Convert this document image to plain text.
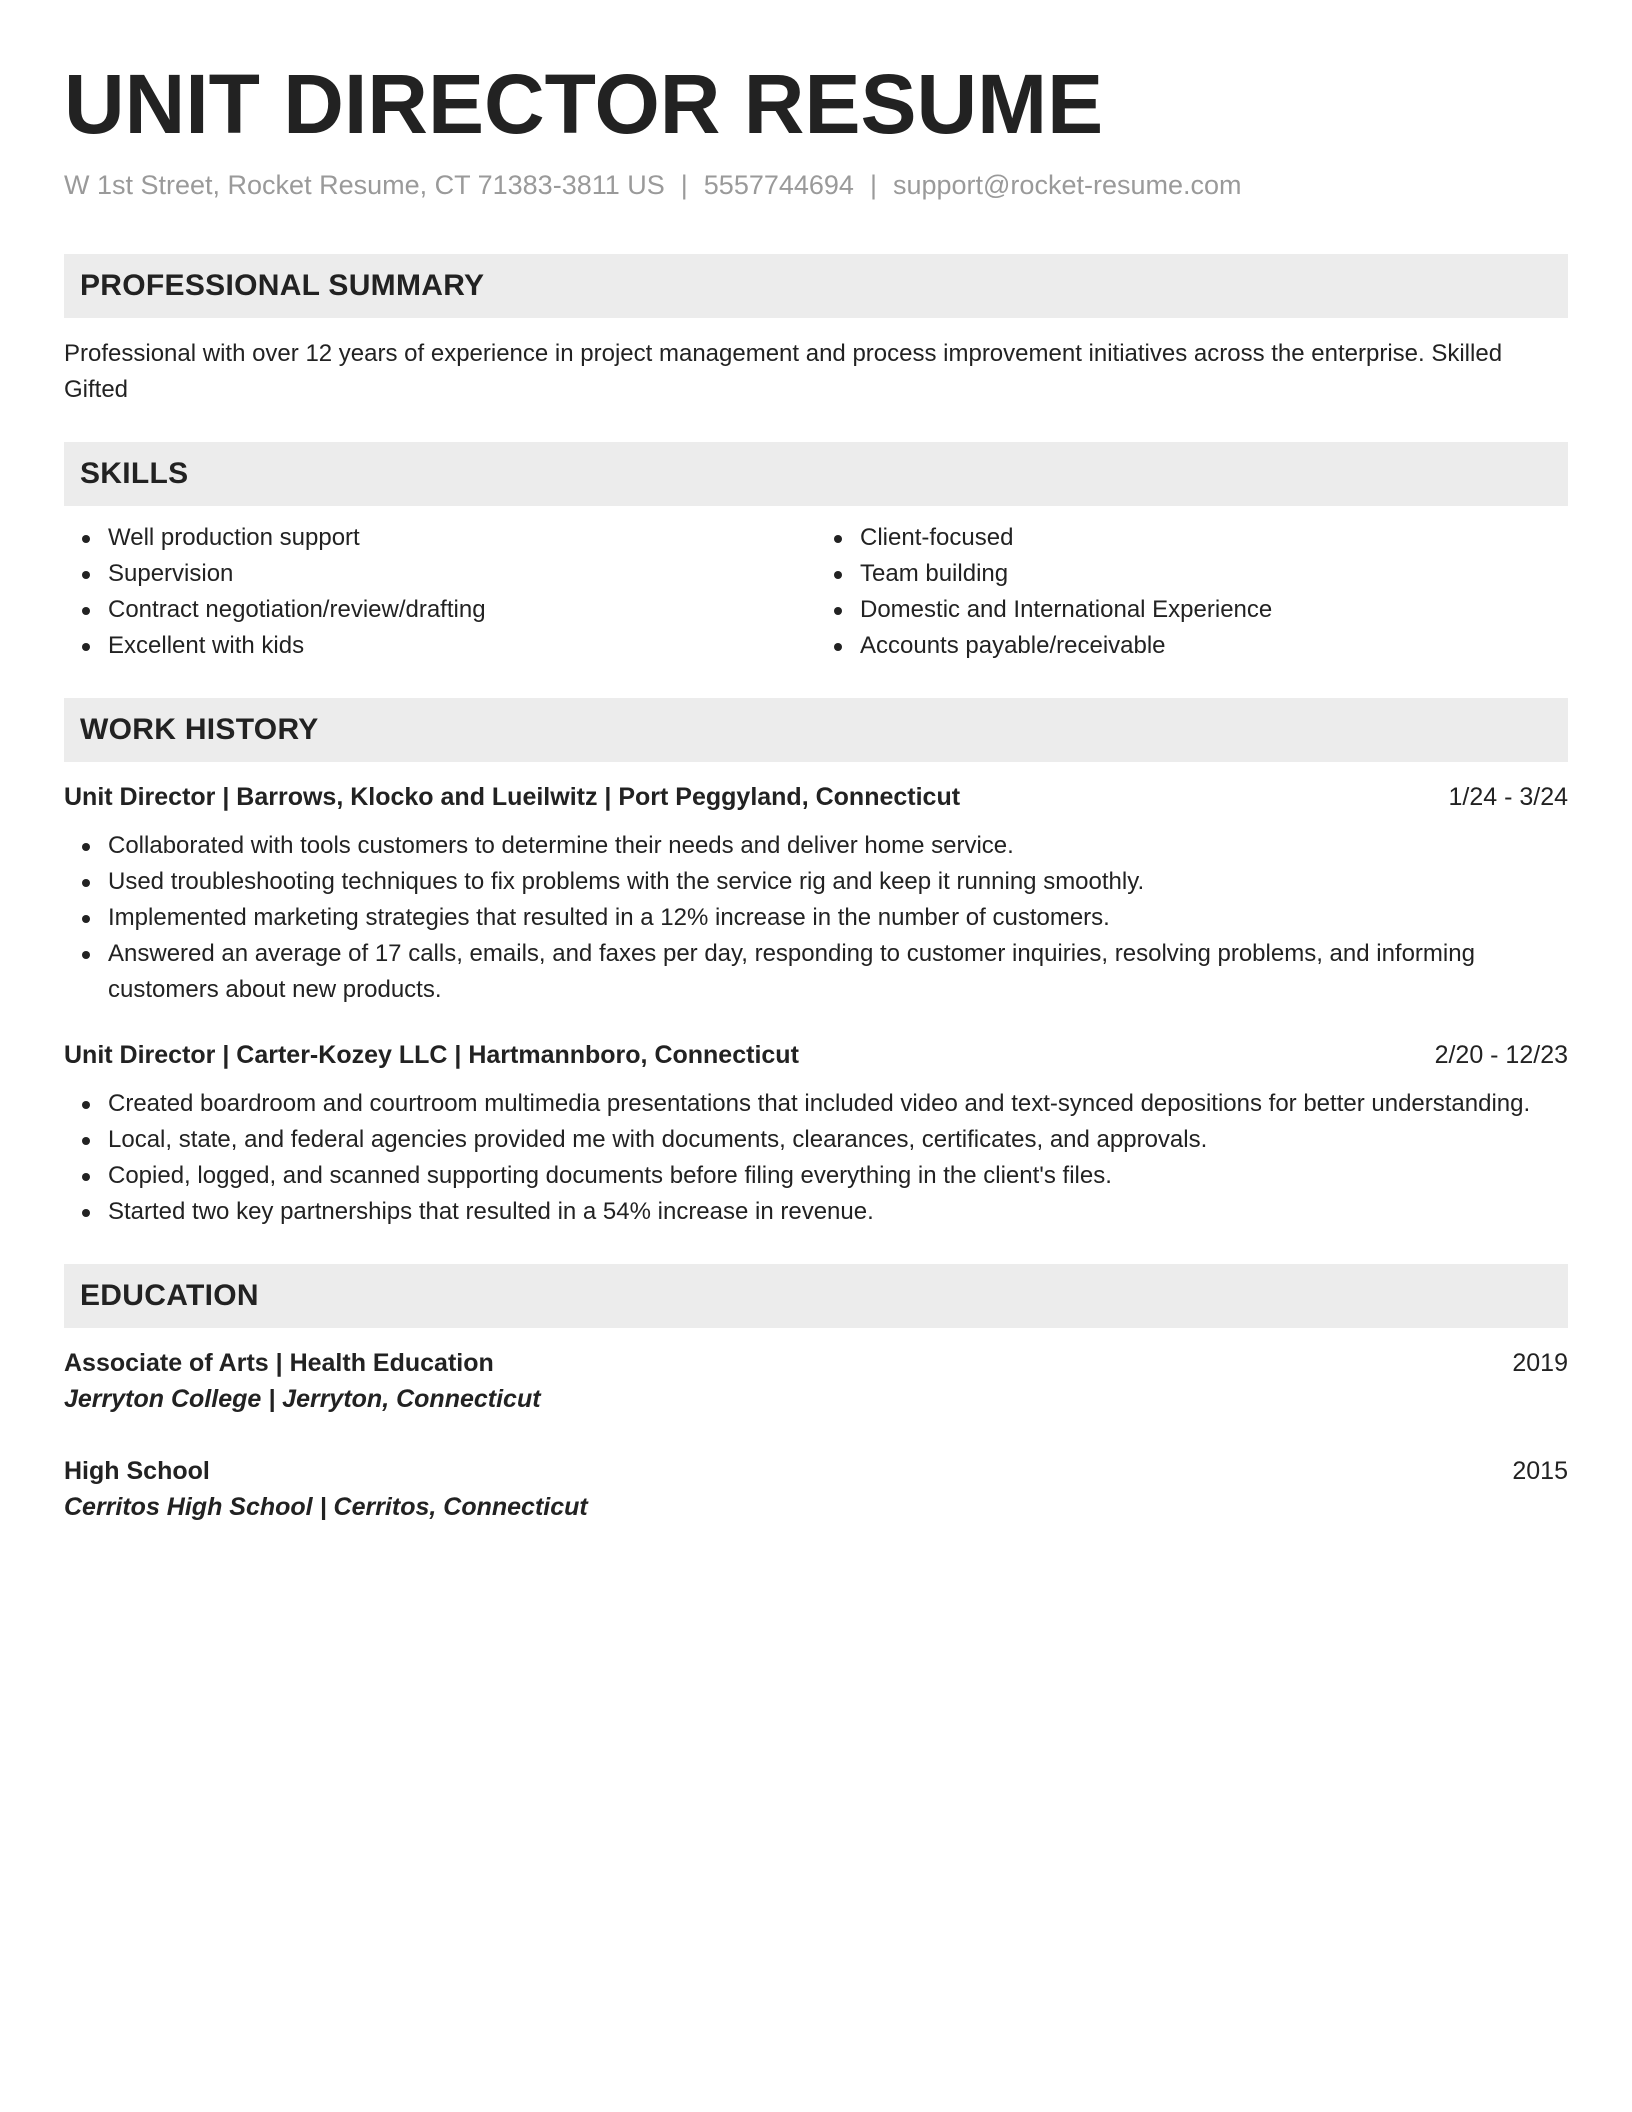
UNIT DIRECTOR RESUME
W 1st Street, Rocket Resume, CT 71383-3811 US | 5557744694 | support@rocket-resume.com
PROFESSIONAL SUMMARY

Professional with over 12 years of experience in project management and process improvement initiatives across the enterprise. Skilled Gifted

SKILLS
Well production support
Supervision
Contract negotiation/review/drafting
Excellent with kids
Client-focused
Team building
Domestic and International Experience
Accounts payable/receivable
WORK HISTORY
Unit Director | Barrows, Klocko and Lueilwitz | Port Peggyland, Connecticut	1/24 - 3/24
Collaborated with tools customers to determine their needs and deliver home service.
Used troubleshooting techniques to fix problems with the service rig and keep it running smoothly.
Implemented marketing strategies that resulted in a 12% increase in the number of customers.
Answered an average of 17 calls, emails, and faxes per day, responding to customer inquiries, resolving problems, and informing customers about new products.
Unit Director | Carter-Kozey LLC | Hartmannboro, Connecticut	2/20 - 12/23
Created boardroom and courtroom multimedia presentations that included video and text-synced depositions for better understanding.
Local, state, and federal agencies provided me with documents, clearances, certificates, and approvals.
Copied, logged, and scanned supporting documents before filing everything in the client's files.
Started two key partnerships that resulted in a 54% increase in revenue.
EDUCATION
Associate of Arts | Health Education	2019
Jerryton College | Jerryton, Connecticut
High School	2015
Cerritos High School | Cerritos, Connecticut
